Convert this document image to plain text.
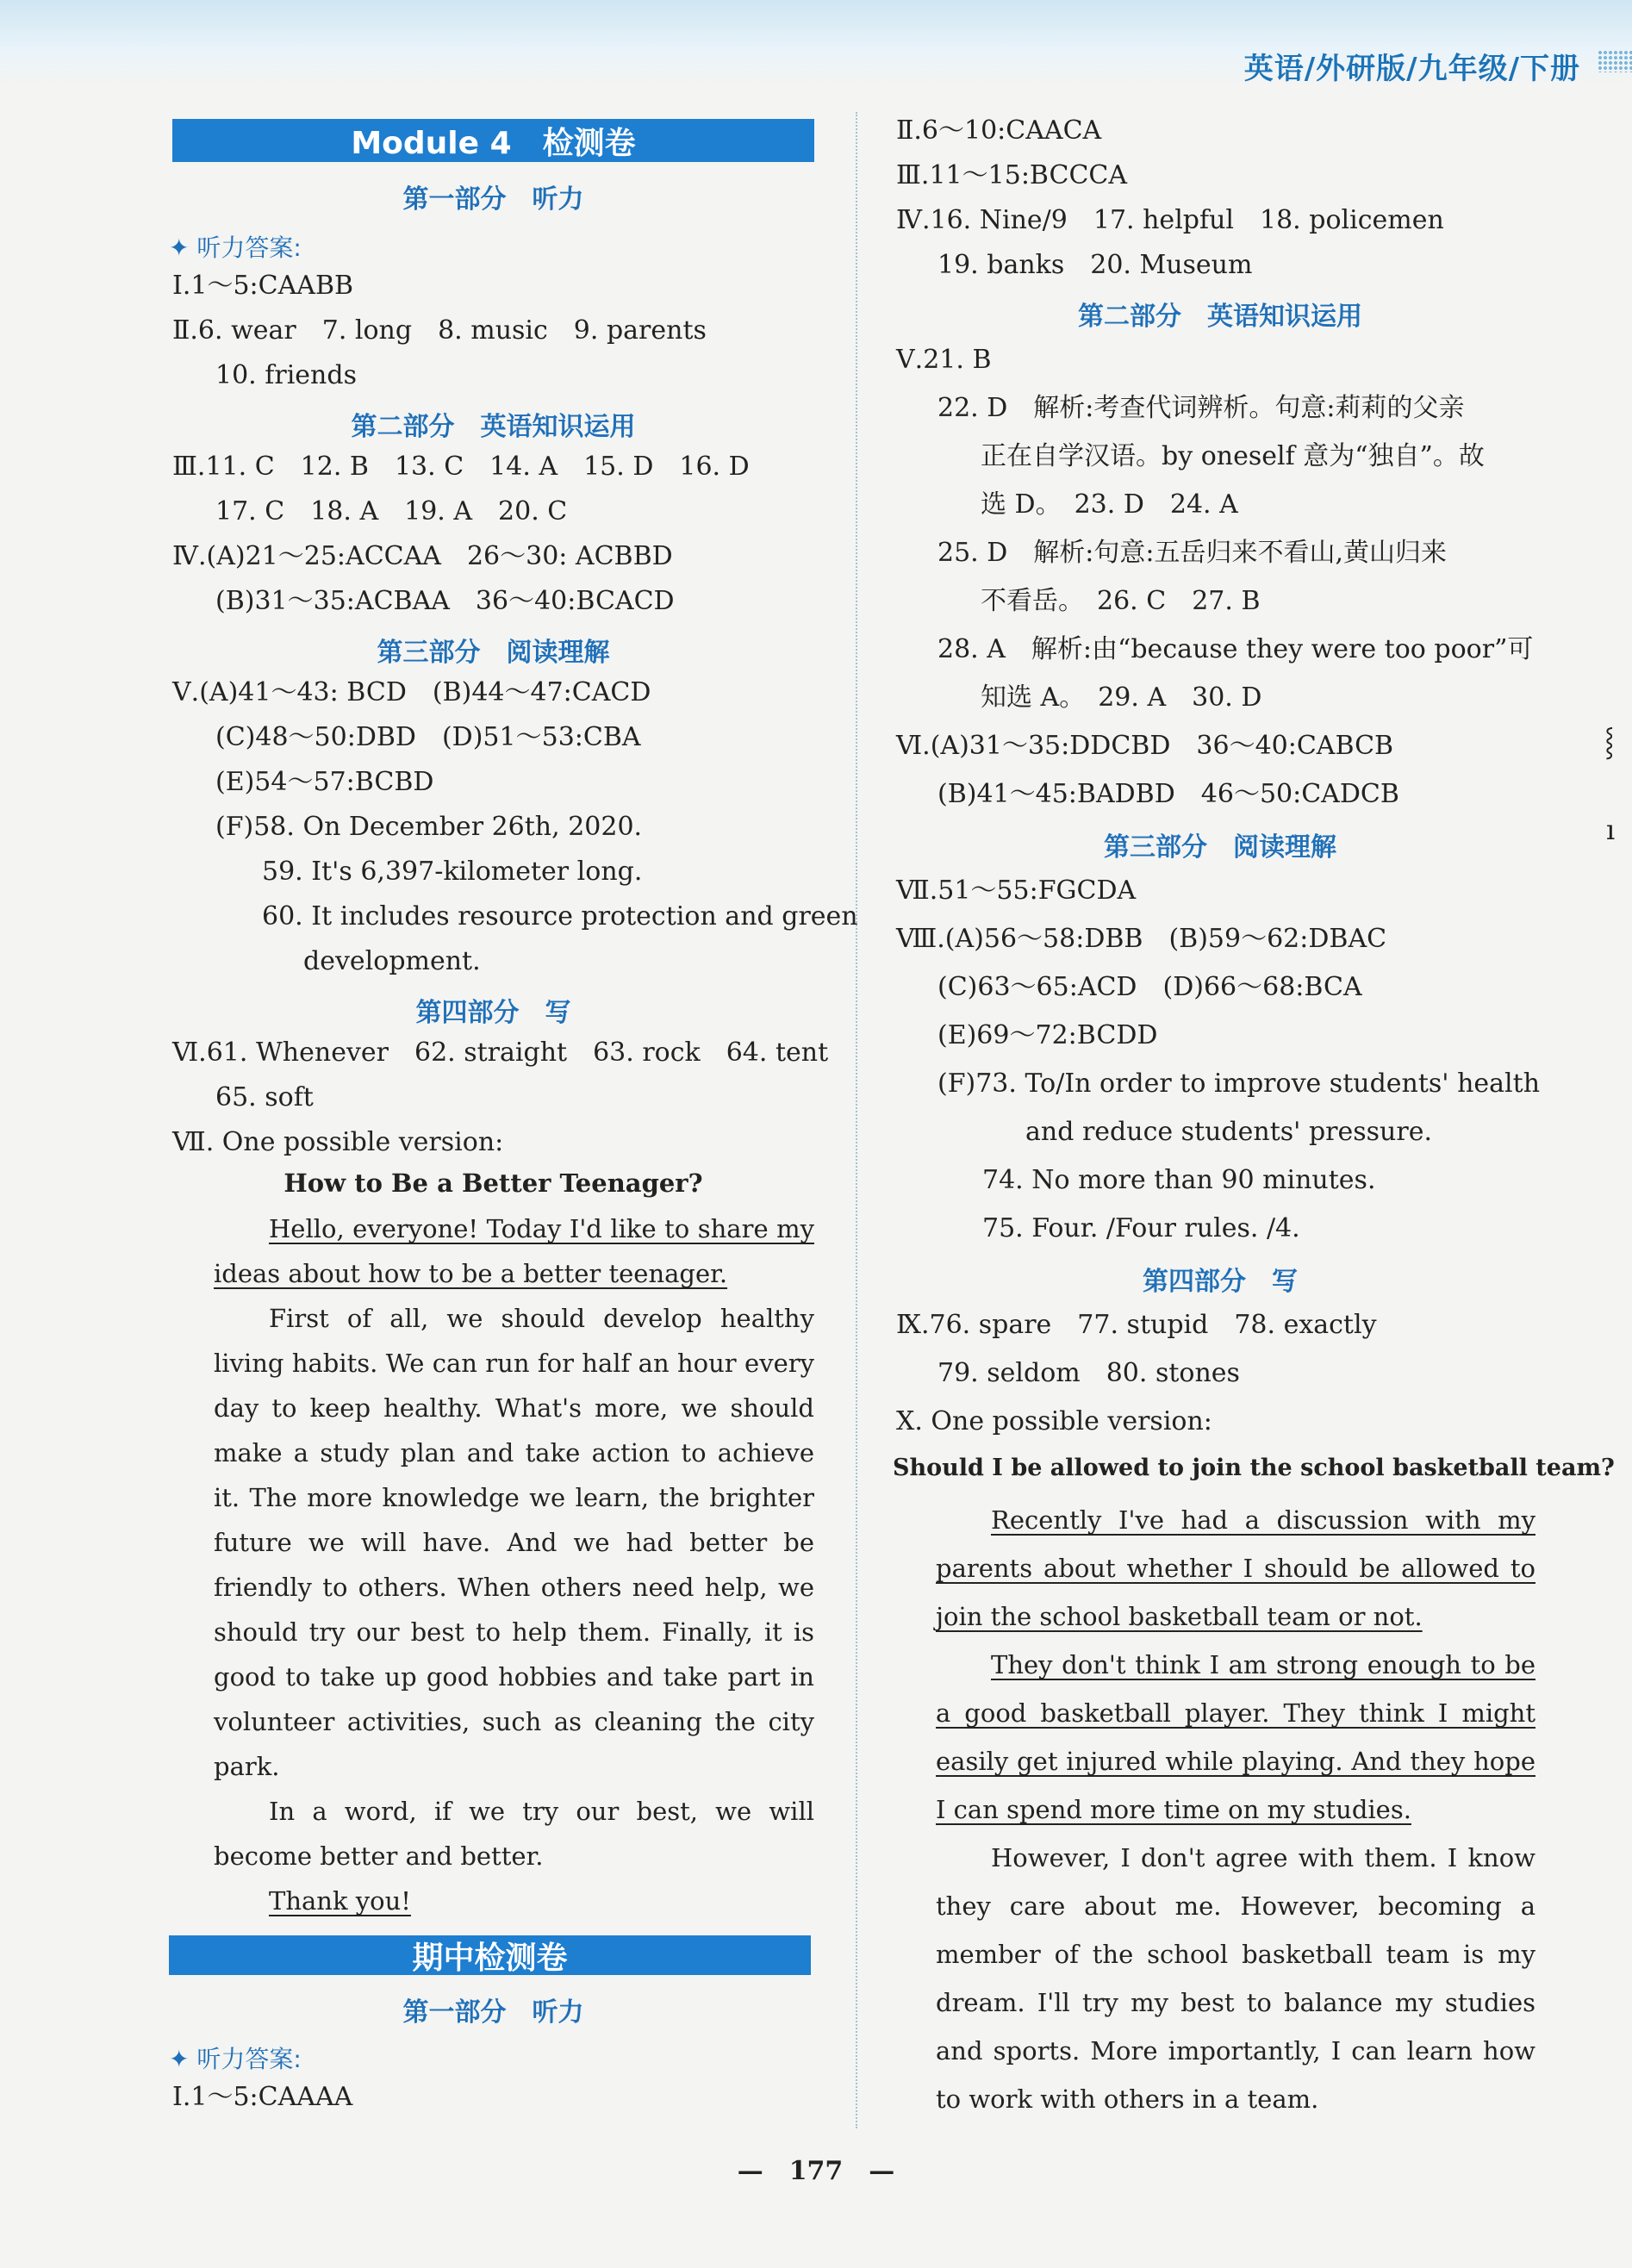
英语/外研版/九年级/下册
Module 4　检测卷
第一部分　听力
✦ 听力答案:
Ⅰ.1～5:CAABB
Ⅱ.6. wear　7. long　8. music　9. parents
10. friends
第二部分　英语知识运用
Ⅲ.11. C　12. B　13. C　14. A　15. D　16. D
17. C　18. A　19. A　20. C
Ⅳ.(A)21～25:ACCAA　26～30: ACBBD
(B)31～35:ACBAA　36～40:BCACD
第三部分　阅读理解
Ⅴ.(A)41～43: BCD　(B)44～47:CACD
(C)48～50:DBD　(D)51～53:CBA
(E)54～57:BCBD
(F)58. On December 26th, 2020.
59. It's 6,397-kilometer long.
60. It includes resource protection and green
development.
第四部分　写
Ⅵ.61. Whenever　62. straight　63. rock　64. tent
65. soft
Ⅶ. One possible version:
How to Be a Better Teenager?
Hello, everyone! Today I'd like to share my ideas about how to be a better teenager.
First of all, we should develop healthy living habits. We can run for half an hour every day to keep healthy. What's more, we should make a study plan and take action to achieve it. The more knowledge we learn, the brighter future we will have. And we had better be friendly to others. When others need help, we should try our best to help them. Finally, it is good to take up good hobbies and take part in volunteer activities, such as cleaning the city park.
In a word, if we try our best, we will become better and better.
Thank you!
期中检测卷
第一部分　听力
✦ 听力答案:
Ⅰ.1～5:CAAAA
Ⅱ.6～10:CAACA
Ⅲ.11～15:BCCCA
Ⅳ.16. Nine/9　17. helpful　18. policemen
19. banks　20. Museum
第二部分　英语知识运用
Ⅴ.21. B
22. D　解析:考查代词辨析。句意:莉莉的父亲
正在自学汉语。by oneself 意为“独自”。故
选 D。　23. D　24. A
25. D　解析:句意:五岳归来不看山,黄山归来
不看岳。　26. C　27. B
28. A　解析:由“because they were too poor”可
知选 A。　29. A　30. D
Ⅵ.(A)31～35:DDCBD　36～40:CABCB
(B)41～45:BADBD　46～50:CADCB
第三部分　阅读理解
Ⅶ.51～55:FGCDA
Ⅷ.(A)56～58:DBB　(B)59～62:DBAC
(C)63～65:ACD　(D)66～68:BCA
(E)69～72:BCDD
(F)73. To/In order to improve students' health
and reduce students' pressure.
74. No more than 90 minutes.
75. Four. /Four rules. /4.
第四部分　写
Ⅸ.76. spare　77. stupid　78. exactly
79. seldom　80. stones
Ⅹ. One possible version:
Should I be allowed to join the school basketball team?
Recently I've had a discussion with my parents about whether I should be allowed to join the school basketball team or not.
They don't think I am strong enough to be a good basketball player. They think I might easily get injured while playing. And they hope I can spend more time on my studies.
However, I don't agree with them. I know they care about me. However, becoming a member of the school basketball team is my dream. I'll try my best to balance my studies and sports. More importantly, I can learn how to work with others in a team.
⸾
ı
—　177　—
